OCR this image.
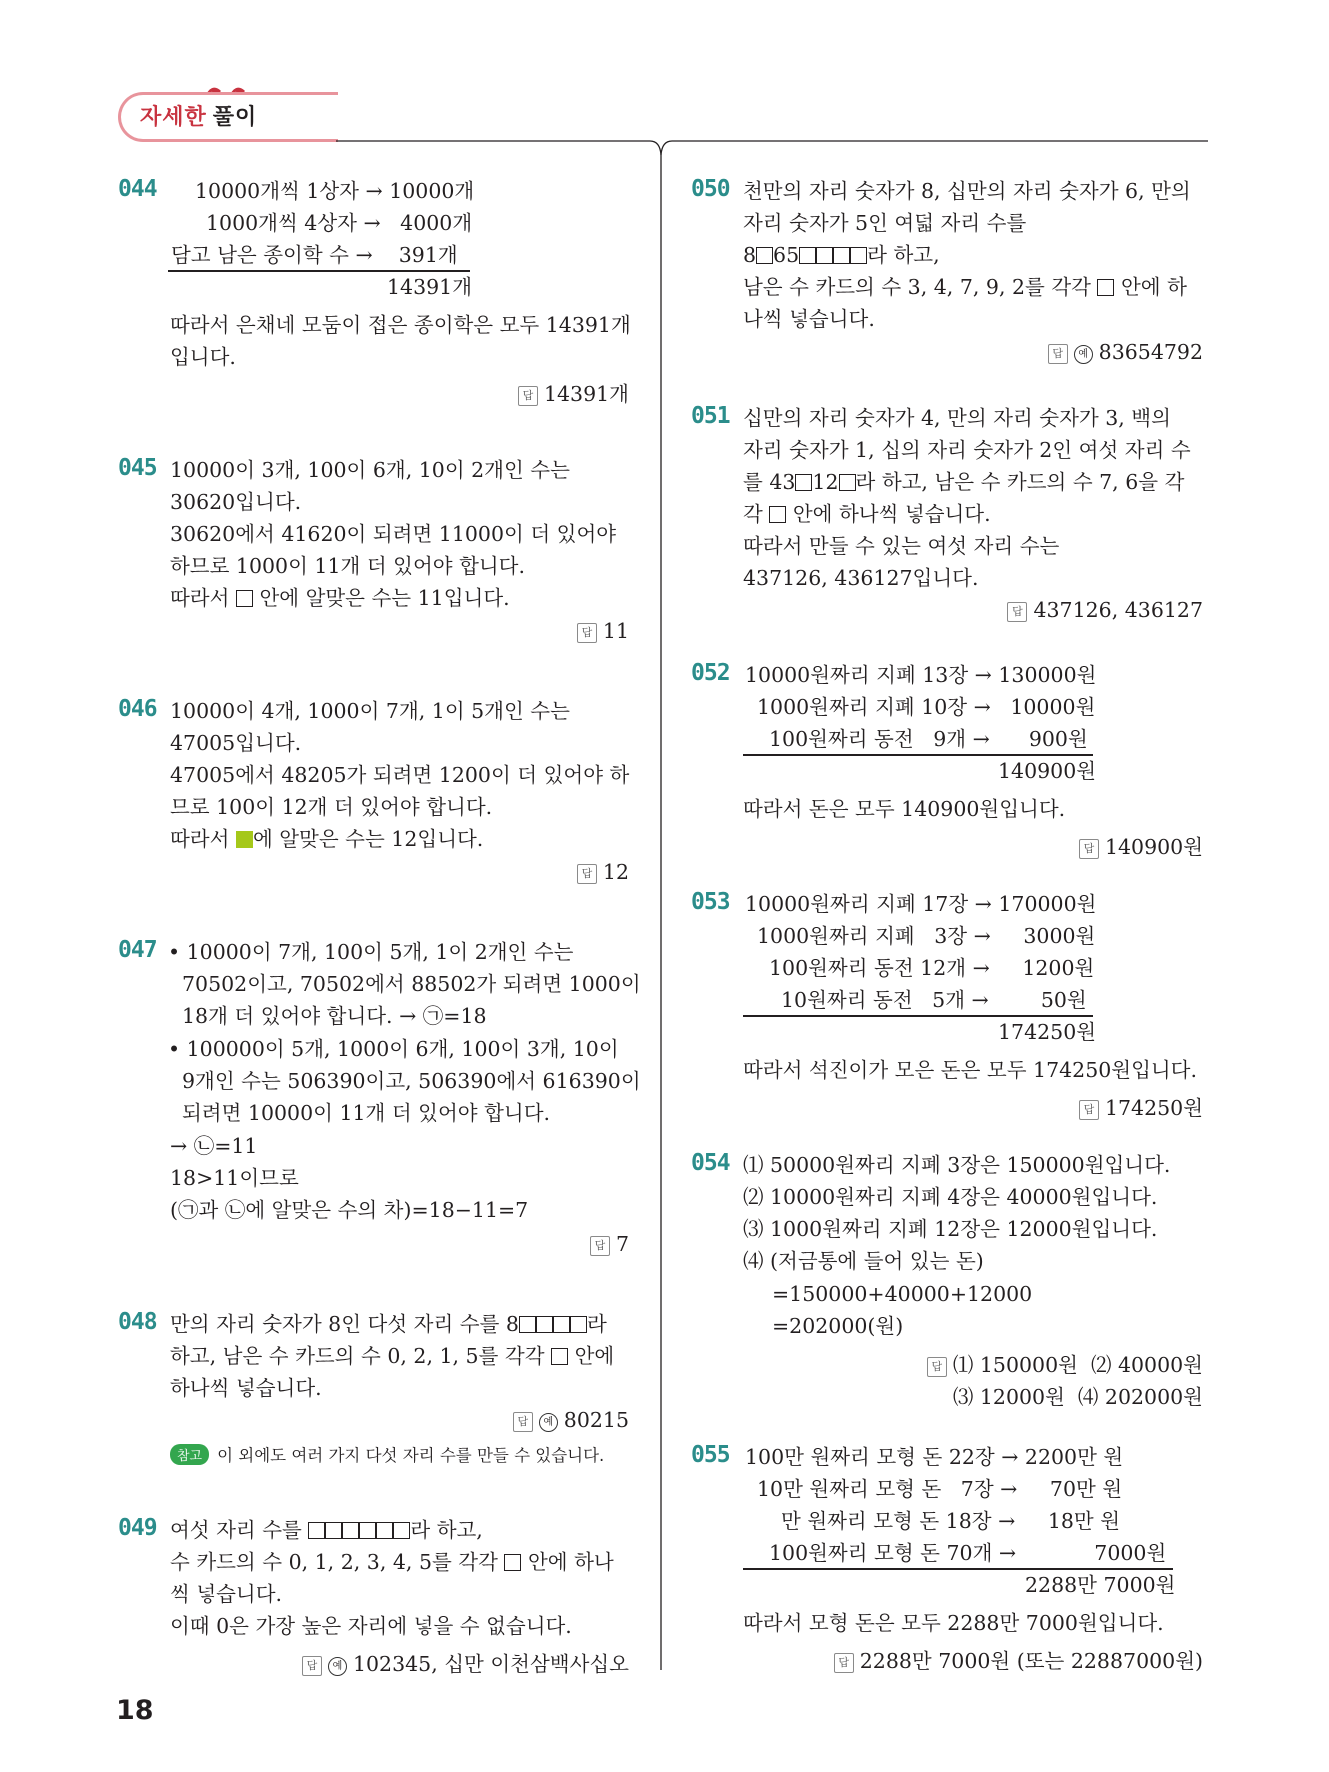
자세한 풀이
044 10000개씩 1상자 → 10000개
1000개씩 4상자 →   4000개
담고 남은 종이학 수 →    391개
14391개
따라서 은채네 모둠이 접은 종이학은 모두 14391개
입니다.
답 14391개
045 10000이 3개, 100이 6개, 10이 2개인 수는
30620입니다.
30620에서 41620이 되려면 11000이 더 있어야
하므로 1000이 11개 더 있어야 합니다.
따라서  안에 알맞은 수는 11입니다.
답 11
046 10000이 4개, 1000이 7개, 1이 5개인 수는
47005입니다.
47005에서 48205가 되려면 1200이 더 있어야 하
므로 100이 12개 더 있어야 합니다.
따라서 에 알맞은 수는 12입니다.
답 12
047 • 10000이 7개, 100이 5개, 1이 2개인 수는
70502이고, 70502에서 88502가 되려면 1000이
18개 더 있어야 합니다. → ㉠=18
• 100000이 5개, 1000이 6개, 100이 3개, 10이
9개인 수는 506390이고, 506390에서 616390이
되려면 10000이 11개 더 있어야 합니다.
→ ㉡=11
18>11이므로
(㉠과 ㉡에 알맞은 수의 차)=18−11=7
답 7
048 만의 자리 숫자가 8인 다섯 자리 수를 8	라
하고, 남은 수 카드의 수 0, 2, 1, 5를 각각  안에
하나씩 넣습니다.
답 예 80215
참고 이 외에도 여러 가지 다섯 자리 수를 만들 수 있습니다.
049 여섯 자리 수를	라 하고,
수 카드의 수 0, 1, 2, 3, 4, 5를 각각  안에 하나
씩 넣습니다.
이때 0은 가장 높은 자리에 넣을 수 없습니다.
답 예 102345, 십만 이천삼백사십오
050 천만의 자리 숫자가 8, 십만의 자리 숫자가 6, 만의
자리 숫자가 5인 여덟 자리 수를
8 65	라 하고,
남은 수 카드의 수 3, 4, 7, 9, 2를 각각  안에 하
나씩 넣습니다.
답 예 83654792
051 십만의 자리 숫자가 4, 만의 자리 숫자가 3, 백의
자리 숫자가 1, 십의 자리 숫자가 2인 여섯 자리 수
를 43 12 라 하고, 남은 수 카드의 수 7, 6을 각
각  안에 하나씩 넣습니다.
따라서 만들 수 있는 여섯 자리 수는
437126, 436127입니다.
답 437126, 436127
052 10000원짜리 지폐 13장 → 130000원
1000원짜리 지폐 10장 →   10000원
100원짜리 동전   9개 →      900원
140900원
따라서 돈은 모두 140900원입니다.
답 140900원
053 10000원짜리 지폐 17장 → 170000원
1000원짜리 지폐   3장 →     3000원
100원짜리 동전 12개 →     1200원
10원짜리 동전   5개 →        50원
174250원
따라서 석진이가 모은 돈은 모두 174250원입니다.
답 174250원
054 ⑴ 50000원짜리 지폐 3장은 150000원입니다.
⑵ 10000원짜리 지폐 4장은 40000원입니다.
⑶ 1000원짜리 지폐 12장은 12000원입니다.
⑷ (저금통에 들어 있는 돈)
=150000+40000+12000
=202000(원)
답 ⑴ 150000원  ⑵ 40000원
⑶ 12000원  ⑷ 202000원
055 100만 원짜리 모형 돈 22장 → 2200만 원
10만 원짜리 모형 돈   7장 →     70만 원
만 원짜리 모형 돈 18장 →     18만 원
100원짜리 모형 돈 70개 →            7000원
2288만 7000원
따라서 모형 돈은 모두 2288만 7000원입니다.
답 2288만 7000원 (또는 22887000원)
18
